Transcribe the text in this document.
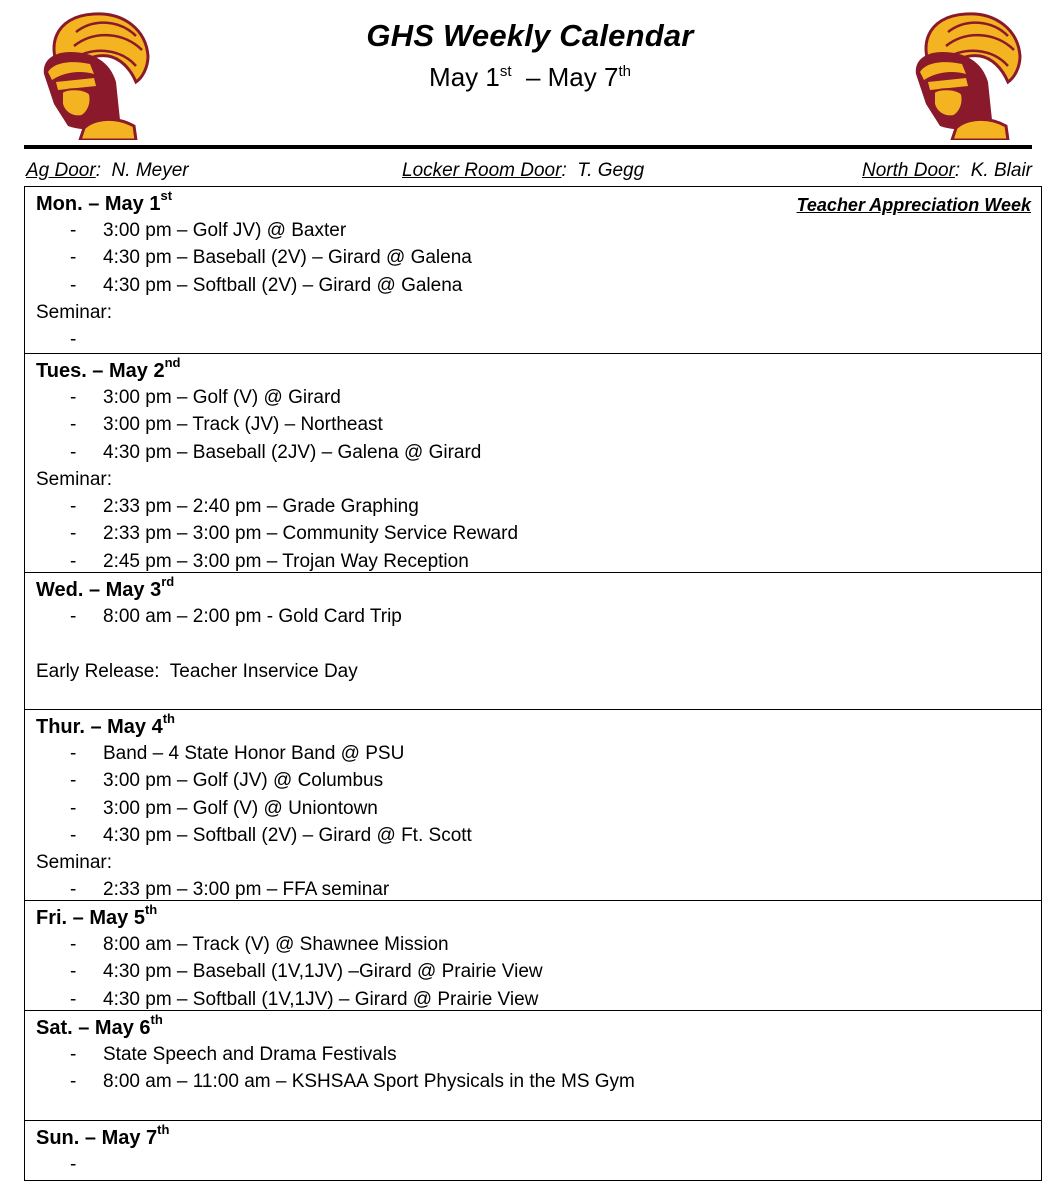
GHS Weekly Calendar
May 1st  – May 7th
Ag Door:  N. Meyer	Locker Room Door:  T. Gegg	North Door:  K. Blair
Mon. – May 1st	Teacher Appreciation Week
- 3:00 pm – Golf JV) @ Baxter
- 4:30 pm – Baseball (2V) – Girard @ Galena
- 4:30 pm – Softball (2V) – Girard @ Galena
Seminar:
-
Tues. – May 2nd
- 3:00 pm – Golf (V) @ Girard
- 3:00 pm – Track (JV) – Northeast
- 4:30 pm – Baseball (2JV) – Galena @ Girard
Seminar:
- 2:33 pm – 2:40 pm – Grade Graphing
- 2:33 pm – 3:00 pm – Community Service Reward
- 2:45 pm – 3:00 pm – Trojan Way Reception
Wed. – May 3rd
- 8:00 am – 2:00 pm - Gold Card Trip
Early Release:  Teacher Inservice Day
Thur. – May 4th
- Band – 4 State Honor Band @ PSU
- 3:00 pm – Golf (JV) @ Columbus
- 3:00 pm – Golf (V) @ Uniontown
- 4:30 pm – Softball (2V) – Girard @ Ft. Scott
Seminar:
- 2:33 pm – 3:00 pm – FFA seminar
Fri. – May 5th
- 8:00 am – Track (V) @ Shawnee Mission
- 4:30 pm – Baseball (1V,1JV) –Girard @ Prairie View
- 4:30 pm – Softball (1V,1JV) – Girard @ Prairie View
Sat. – May 6th
- State Speech and Drama Festivals
- 8:00 am – 11:00 am – KSHSAA Sport Physicals in the MS Gym
Sun. – May 7th
-
